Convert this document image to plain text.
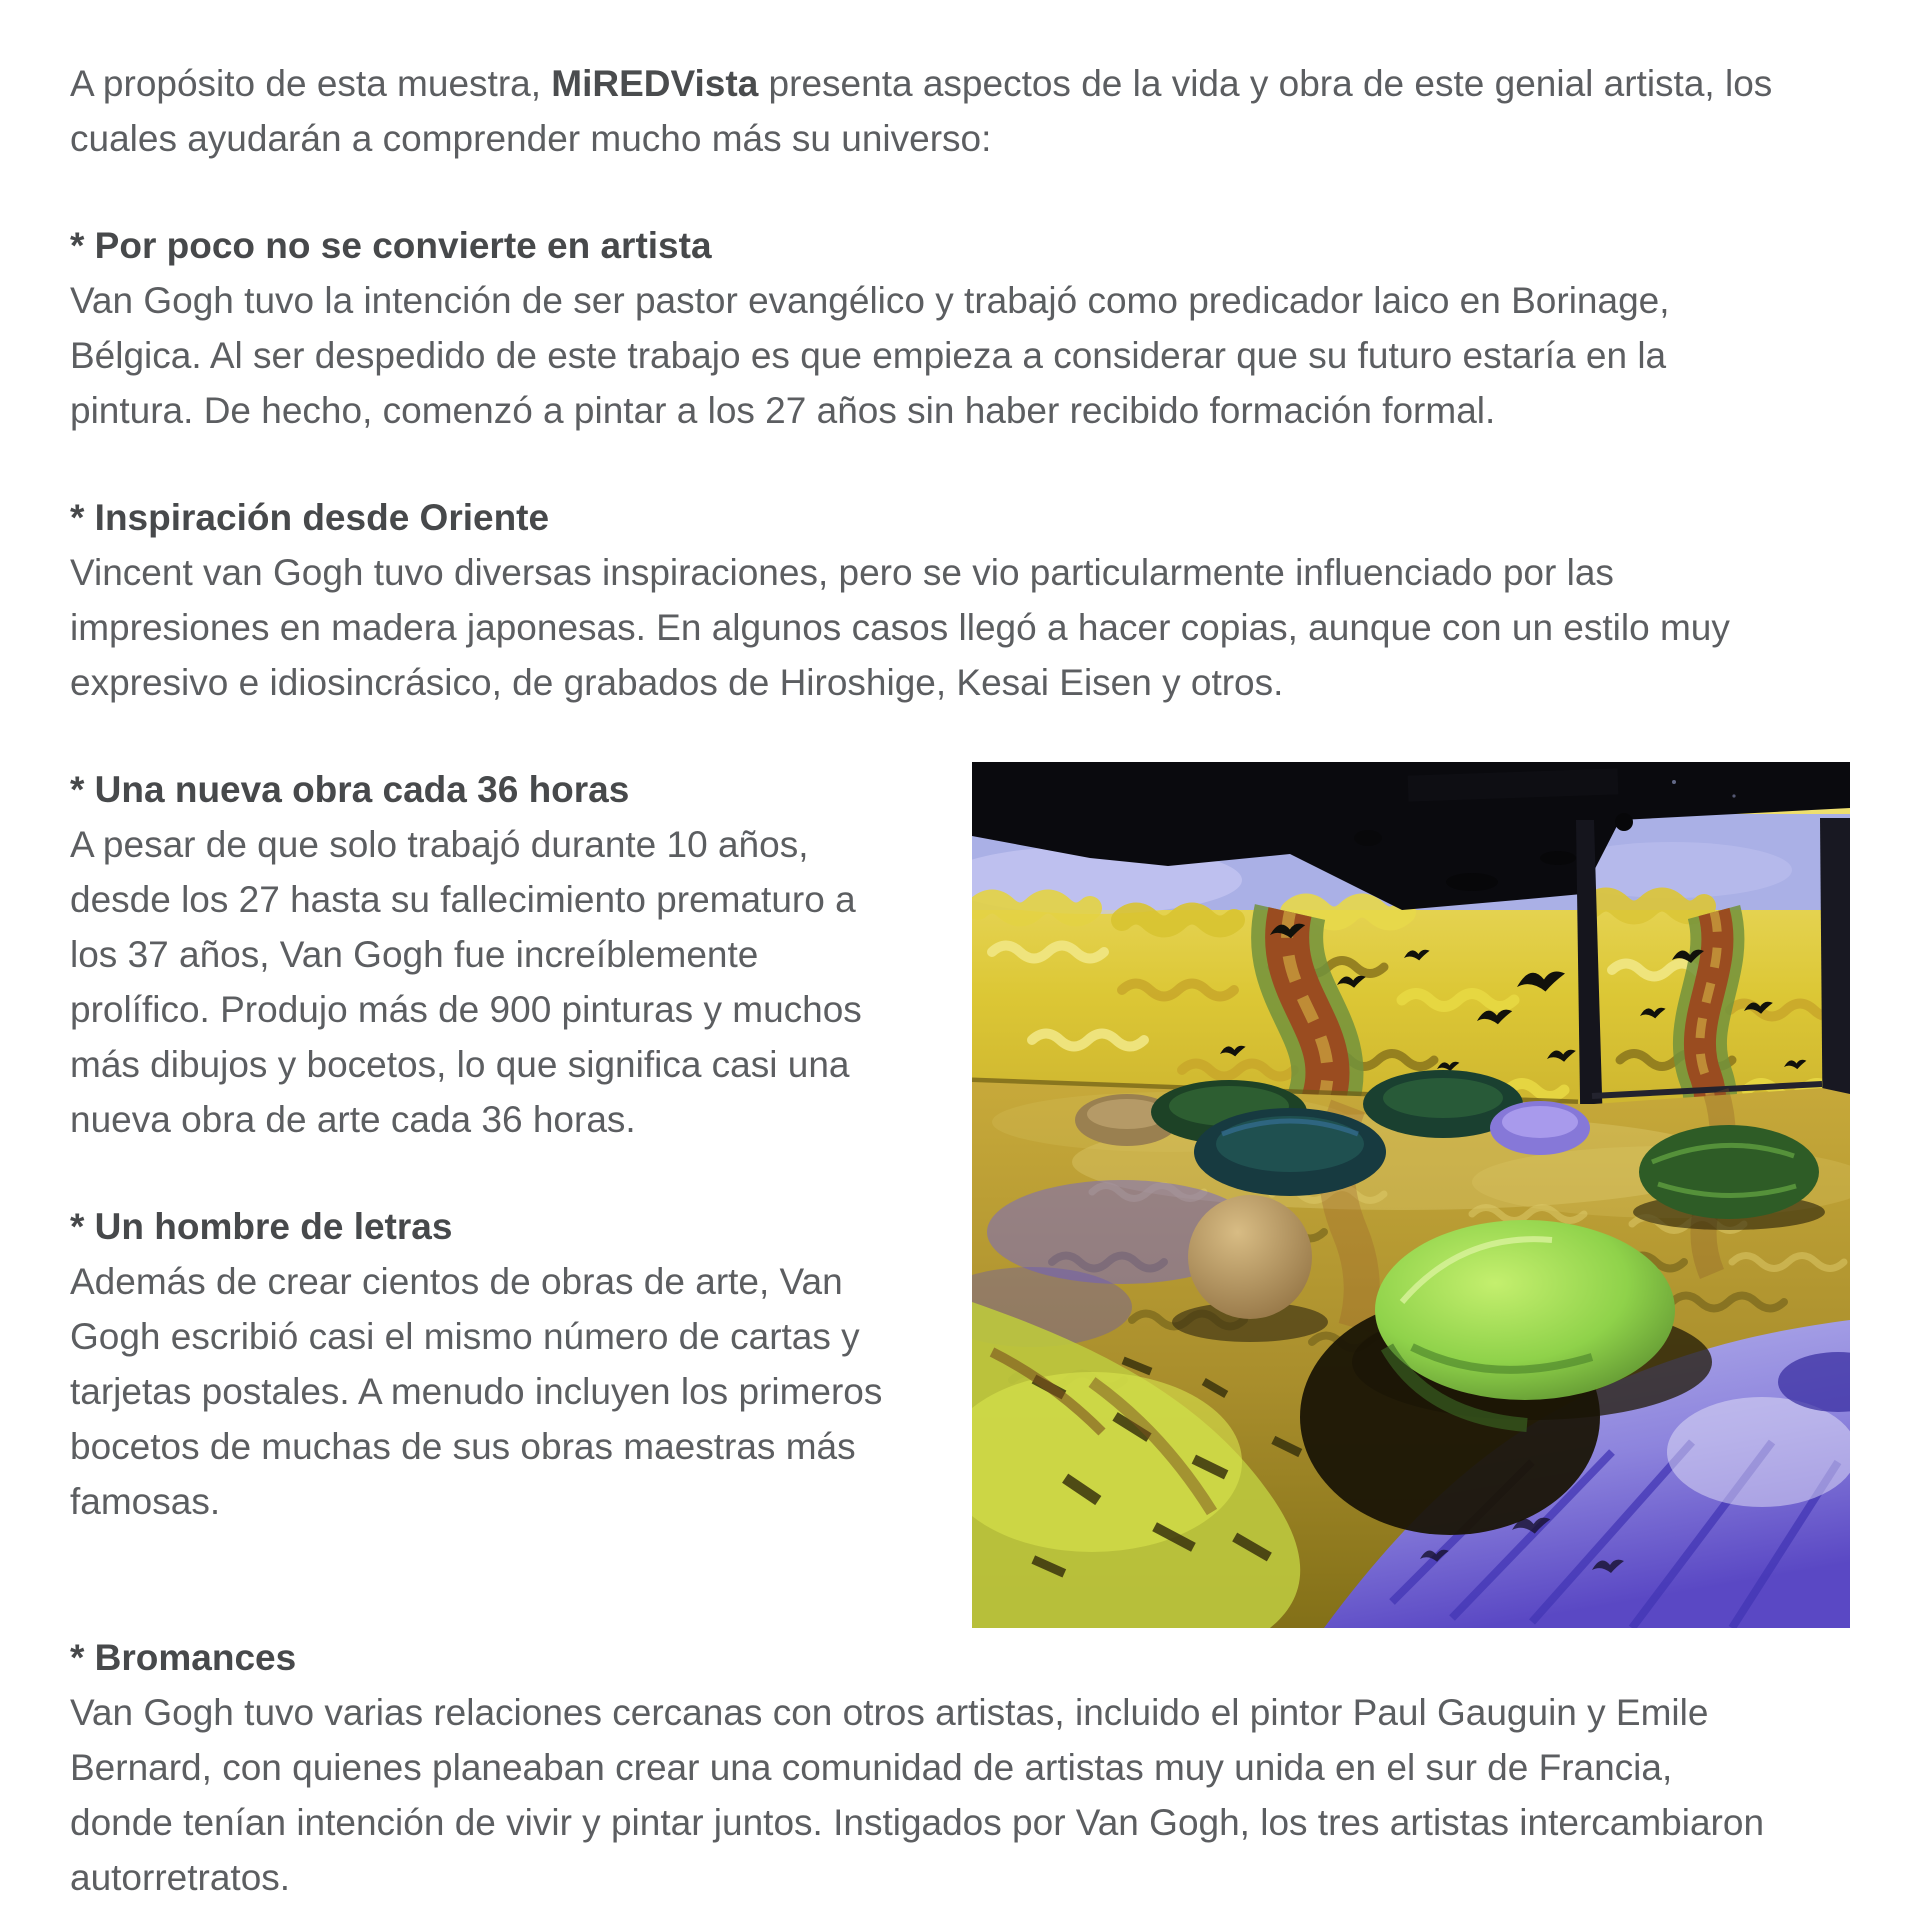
A propósito de esta muestra, MiREDVista presenta aspectos de la vida y obra de este genial artista, los cuales ayudarán a comprender mucho más su universo:

* Por poco no se convierte en artista

Van Gogh tuvo la intención de ser pastor evangélico y trabajó como predicador laico en Borinage, Bélgica. Al ser despedido de este trabajo es que empieza a considerar que su futuro estaría en la pintura. De hecho, comenzó a pintar a los 27 años sin haber recibido formación formal.

* Inspiración desde Oriente

Vincent van Gogh tuvo diversas inspiraciones, pero se vio particularmente influenciado por las impresiones en madera japonesas. En algunos casos llegó a hacer copias, aunque con un estilo muy expresivo e idiosincrásico, de grabados de Hiroshige, Kesai Eisen y otros.

* Una nueva obra cada 36 horas

A pesar de que solo trabajó durante 10 años, desde los 27 hasta su fallecimiento prematuro a los 37 años, Van Gogh fue increíblemente prolífico. Produjo más de 900 pinturas y muchos más dibujos y bocetos, lo que significa casi una nueva obra de arte cada 36 horas.

* Un hombre de letras

Además de crear cientos de obras de arte, Van Gogh escribió casi el mismo número de cartas y tarjetas postales. A menudo incluyen los primeros bocetos de muchas de sus obras maestras más famosas.

* Bromances

Van Gogh tuvo varias relaciones cercanas con otros artistas, incluido el pintor Paul Gauguin y Emile Bernard, con quienes planeaban crear una comunidad de artistas muy unida en el sur de Francia, donde tenían intención de vivir y pintar juntos. Instigados por Van Gogh, los tres artistas intercambiaron autorretratos.
